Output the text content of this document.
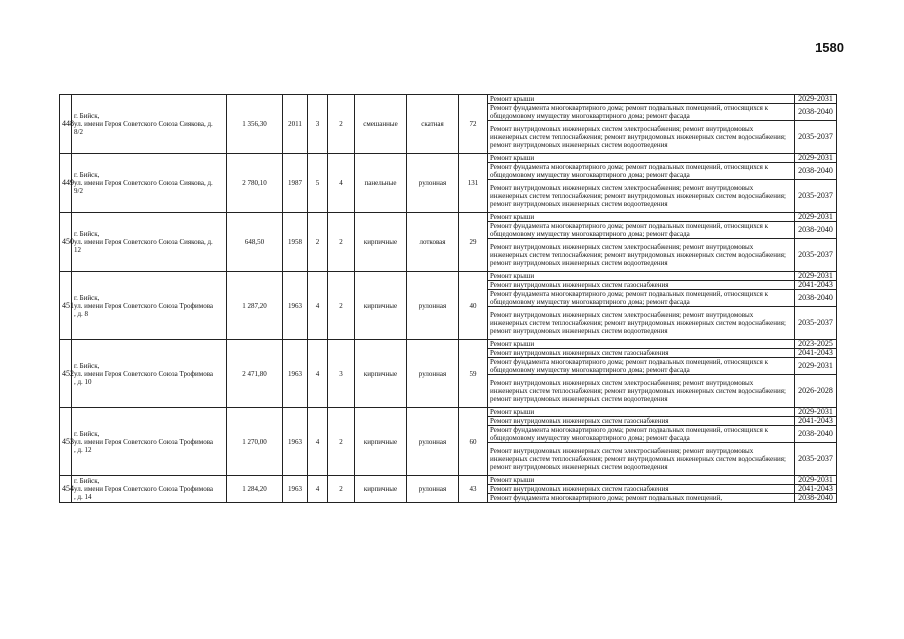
1580
448	г. Бийск,
ул. имени Героя Советского Союза Сиякова, д.
8/2	1 356,30	2011	3	2	смешанные	скатная	72	Ремонт крыши	2029-2031
									Ремонт фундамента многоквартирного дома; ремонт подвальных помещений, относящихся к общедомовому имуществу многоквартирного дома; ремонт фасада	2038-2040
									Ремонт внутридомовых инженерных систем электроснабжения; ремонт внутридомовых инженерных систем теплоснабжения; ремонт внутридомовых инженерных систем водоснабжения; ремонт внутридомовых инженерных систем водоотведения	2035-2037
449	г. Бийск,
ул. имени Героя Советского Союза Сиякова, д.
9/2	2 780,10	1987	5	4	панельные	рулонная	131	Ремонт крыши	2029-2031
									Ремонт фундамента многоквартирного дома; ремонт подвальных помещений, относящихся к общедомовому имуществу многоквартирного дома; ремонт фасада	2038-2040
									Ремонт внутридомовых инженерных систем электроснабжения; ремонт внутридомовых инженерных систем теплоснабжения; ремонт внутридомовых инженерных систем водоснабжения; ремонт внутридомовых инженерных систем водоотведения	2035-2037
450	г. Бийск,
ул. имени Героя Советского Союза Сиякова, д.
12	648,50	1958	2	2	кирпичные	лотковая	29	Ремонт крыши	2029-2031
									Ремонт фундамента многоквартирного дома; ремонт подвальных помещений, относящихся к общедомовому имуществу многоквартирного дома; ремонт фасада	2038-2040
									Ремонт внутридомовых инженерных систем электроснабжения; ремонт внутридомовых инженерных систем теплоснабжения; ремонт внутридомовых инженерных систем водоснабжения; ремонт внутридомовых инженерных систем водоотведения	2035-2037
451	г. Бийск,
ул. имени Героя Советского Союза Трофимова
, д. 8	1 287,20	1963	4	2	кирпичные	рулонная	40	Ремонт крыши	2029-2031
									Ремонт внутридомовых инженерных систем газоснабжения	2041-2043
									Ремонт фундамента многоквартирного дома; ремонт подвальных помещений, относящихся к общедомовому имуществу многоквартирного дома; ремонт фасада	2038-2040
									Ремонт внутридомовых инженерных систем электроснабжения; ремонт внутридомовых инженерных систем теплоснабжения; ремонт внутридомовых инженерных систем водоснабжения; ремонт внутридомовых инженерных систем водоотведения	2035-2037
452	г. Бийск,
ул. имени Героя Советского Союза Трофимова
, д. 10	2 471,80	1963	4	3	кирпичные	рулонная	59	Ремонт крыши	2023-2025
									Ремонт внутридомовых инженерных систем газоснабжения	2041-2043
									Ремонт фундамента многоквартирного дома; ремонт подвальных помещений, относящихся к общедомовому имуществу многоквартирного дома; ремонт фасада	2029-2031
									Ремонт внутридомовых инженерных систем электроснабжения; ремонт внутридомовых инженерных систем теплоснабжения; ремонт внутридомовых инженерных систем водоснабжения; ремонт внутридомовых инженерных систем водоотведения	2026-2028
453	г. Бийск,
ул. имени Героя Советского Союза Трофимова
, д. 12	1 270,00	1963	4	2	кирпичные	рулонная	60	Ремонт крыши	2029-2031
									Ремонт внутридомовых инженерных систем газоснабжения	2041-2043
									Ремонт фундамента многоквартирного дома; ремонт подвальных помещений, относящихся к общедомовому имуществу многоквартирного дома; ремонт фасада	2038-2040
									Ремонт внутридомовых инженерных систем электроснабжения; ремонт внутридомовых инженерных систем теплоснабжения; ремонт внутридомовых инженерных систем водоснабжения; ремонт внутридомовых инженерных систем водоотведения	2035-2037
454	г. Бийск,
ул. имени Героя Советского Союза Трофимова
, д. 14	1 284,20	1963	4	2	кирпичные	рулонная	43	Ремонт крыши	2029-2031
									Ремонт внутридомовых инженерных систем газоснабжения	2041-2043
									Ремонт фундамента многоквартирного дома; ремонт подвальных помещений,	2038-2040
